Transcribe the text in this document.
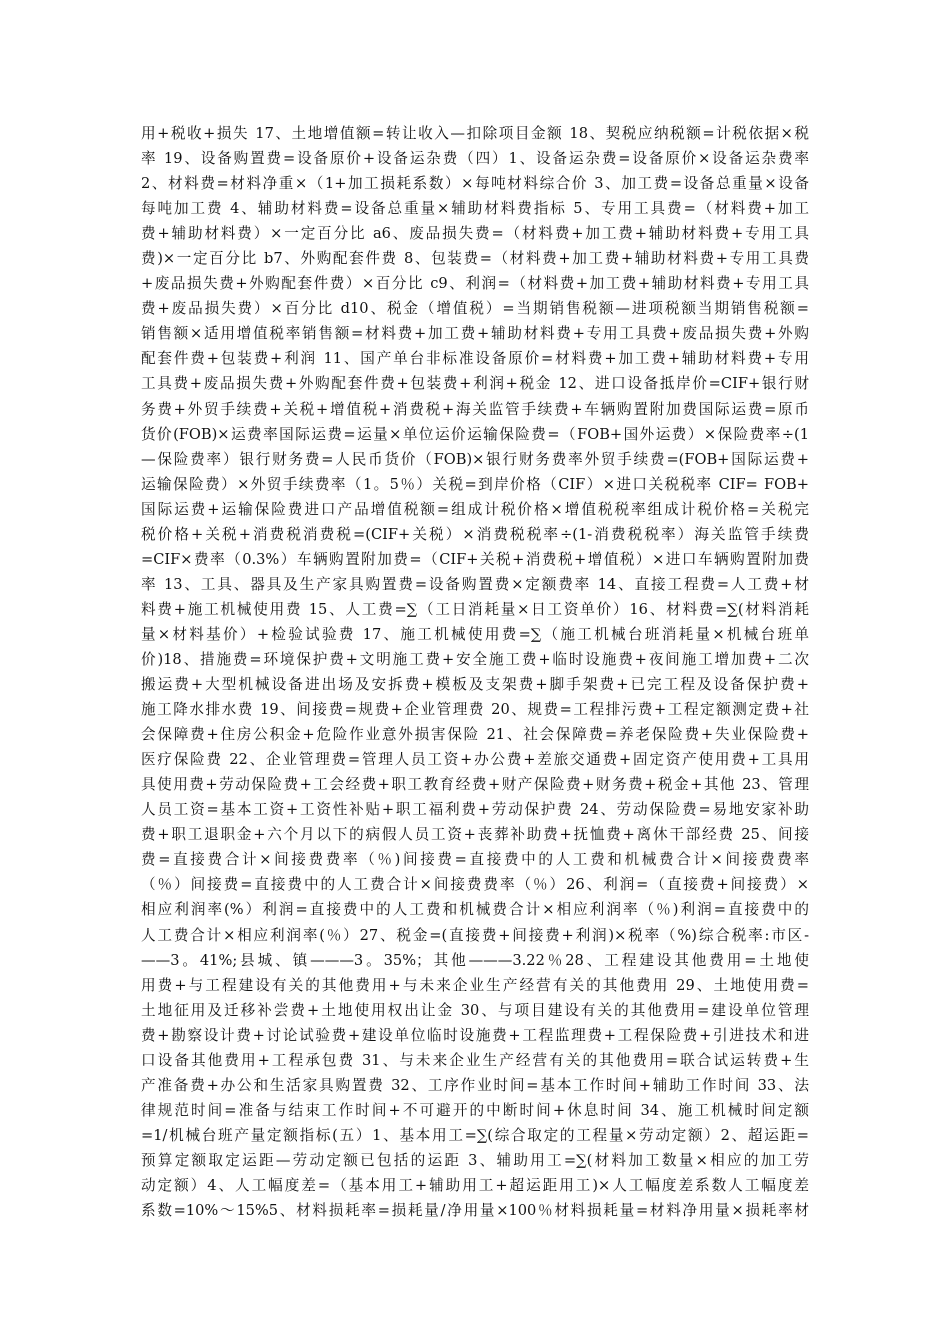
用+税收+损失 17、土地增值额=转让收入—扣除项目金额 18、契税应纳税额=计税依据×税
率 19、设备购置费=设备原价+设备运杂费（四）1、设备运杂费=设备原价×设备运杂费率
2、材料费=材料净重×（1+加工损耗系数）×每吨材料综合价 3、加工费=设备总重量×设备
每吨加工费 4、辅助材料费=设备总重量×辅助材料费指标 5、专用工具费=（材料费+加工
费+辅助材料费）×一定百分比 a6、废品损失费=（材料费+加工费+辅助材料费+专用工具
费)×一定百分比 b7、外购配套件费 8、包装费=（材料费+加工费+辅助材料费+专用工具费
+废品损失费+外购配套件费）×百分比 c9、利润=（材料费+加工费+辅助材料费+专用工具
费+废品损失费）×百分比 d10、税金（增值税）=当期销售税额—进项税额当期销售税额=
销售额×适用增值税率销售额=材料费+加工费+辅助材料费+专用工具费+废品损失费+外购
配套件费+包装费+利润 11、国产单台非标准设备原价=材料费+加工费+辅助材料费+专用
工具费+废品损失费+外购配套件费+包装费+利润+税金 12、进口设备抵岸价=CIF+银行财
务费+外贸手续费+关税+增值税+消费税+海关监管手续费+车辆购置附加费国际运费=原币
货价(FOB)×运费率国际运费=运量×单位运价运输保险费=（FOB+国外运费）×保险费率÷(1
—保险费率）银行财务费=人民币货价（FOB)×银行财务费率外贸手续费=(FOB+国际运费+
运输保险费）×外贸手续费率（1。5％）关税=到岸价格（CIF）×进口关税税率 CIF= FOB+
国际运费+运输保险费进口产品增值税额=组成计税价格×增值税税率组成计税价格=关税完
税价格+关税+消费税消费税=(CIF+关税）×消费税税率÷(1-消费税税率）海关监管手续费
=CIF×费率（0.3%）车辆购置附加费=（CIF+关税+消费税+增值税）×进口车辆购置附加费
率 13、工具、器具及生产家具购置费=设备购置费×定额费率 14、直接工程费=人工费+材
料费+施工机械使用费 15、人工费=∑（工日消耗量×日工资单价）16、材料费=∑(材料消耗
量×材料基价）+检验试验费 17、施工机械使用费=∑（施工机械台班消耗量×机械台班单
价)18、措施费=环境保护费+文明施工费+安全施工费+临时设施费+夜间施工增加费+二次
搬运费+大型机械设备进出场及安拆费+模板及支架费+脚手架费+已完工程及设备保护费+
施工降水排水费 19、间接费=规费+企业管理费 20、规费=工程排污费+工程定额测定费+社
会保障费+住房公积金+危险作业意外损害保险 21、社会保障费=养老保险费+失业保险费+
医疗保险费 22、企业管理费=管理人员工资+办公费+差旅交通费+固定资产使用费+工具用
具使用费+劳动保险费+工会经费+职工教育经费+财产保险费+财务费+税金+其他 23、管理
人员工资=基本工资+工资性补贴+职工福利费+劳动保护费 24、劳动保险费=易地安家补助
费+职工退职金+六个月以下的病假人员工资+丧葬补助费+抚恤费+离休干部经费 25、间接
费=直接费合计×间接费费率（％)间接费=直接费中的人工费和机械费合计×间接费费率
（％）间接费=直接费中的人工费合计×间接费费率（％）26、利润=（直接费+间接费）×
相应利润率(%）利润=直接费中的人工费和机械费合计×相应利润率（％)利润=直接费中的
人工费合计×相应利润率(％）27、税金=(直接费+间接费+利润)×税率（%)综合税率:市区-
——3。41%;县城、镇———3。35%；其他———3.22％28、工程建设其他费用=土地使
用费+与工程建设有关的其他费用+与未来企业生产经营有关的其他费用 29、土地使用费=
土地征用及迁移补尝费+土地使用权出让金 30、与项目建设有关的其他费用=建设单位管理
费+勘察设计费+讨论试验费+建设单位临时设施费+工程监理费+工程保险费+引进技术和进
口设备其他费用+工程承包费 31、与未来企业生产经营有关的其他费用=联合试运转费+生
产准备费+办公和生活家具购置费 32、工序作业时间=基本工作时间+辅助工作时间 33、法
律规范时间=准备与结束工作时间+不可避开的中断时间+休息时间 34、施工机械时间定额
=1/机械台班产量定额指标(五）1、基本用工=∑(综合取定的工程量×劳动定额）2、超运距=
预算定额取定运距—劳动定额已包括的运距 3、辅助用工=∑(材料加工数量×相应的加工劳
动定额）4、人工幅度差=（基本用工+辅助用工+超运距用工)×人工幅度差系数人工幅度差
系数=10%～15%5、材料损耗率=损耗量/净用量×100％材料损耗量=材料净用量×损耗率材
